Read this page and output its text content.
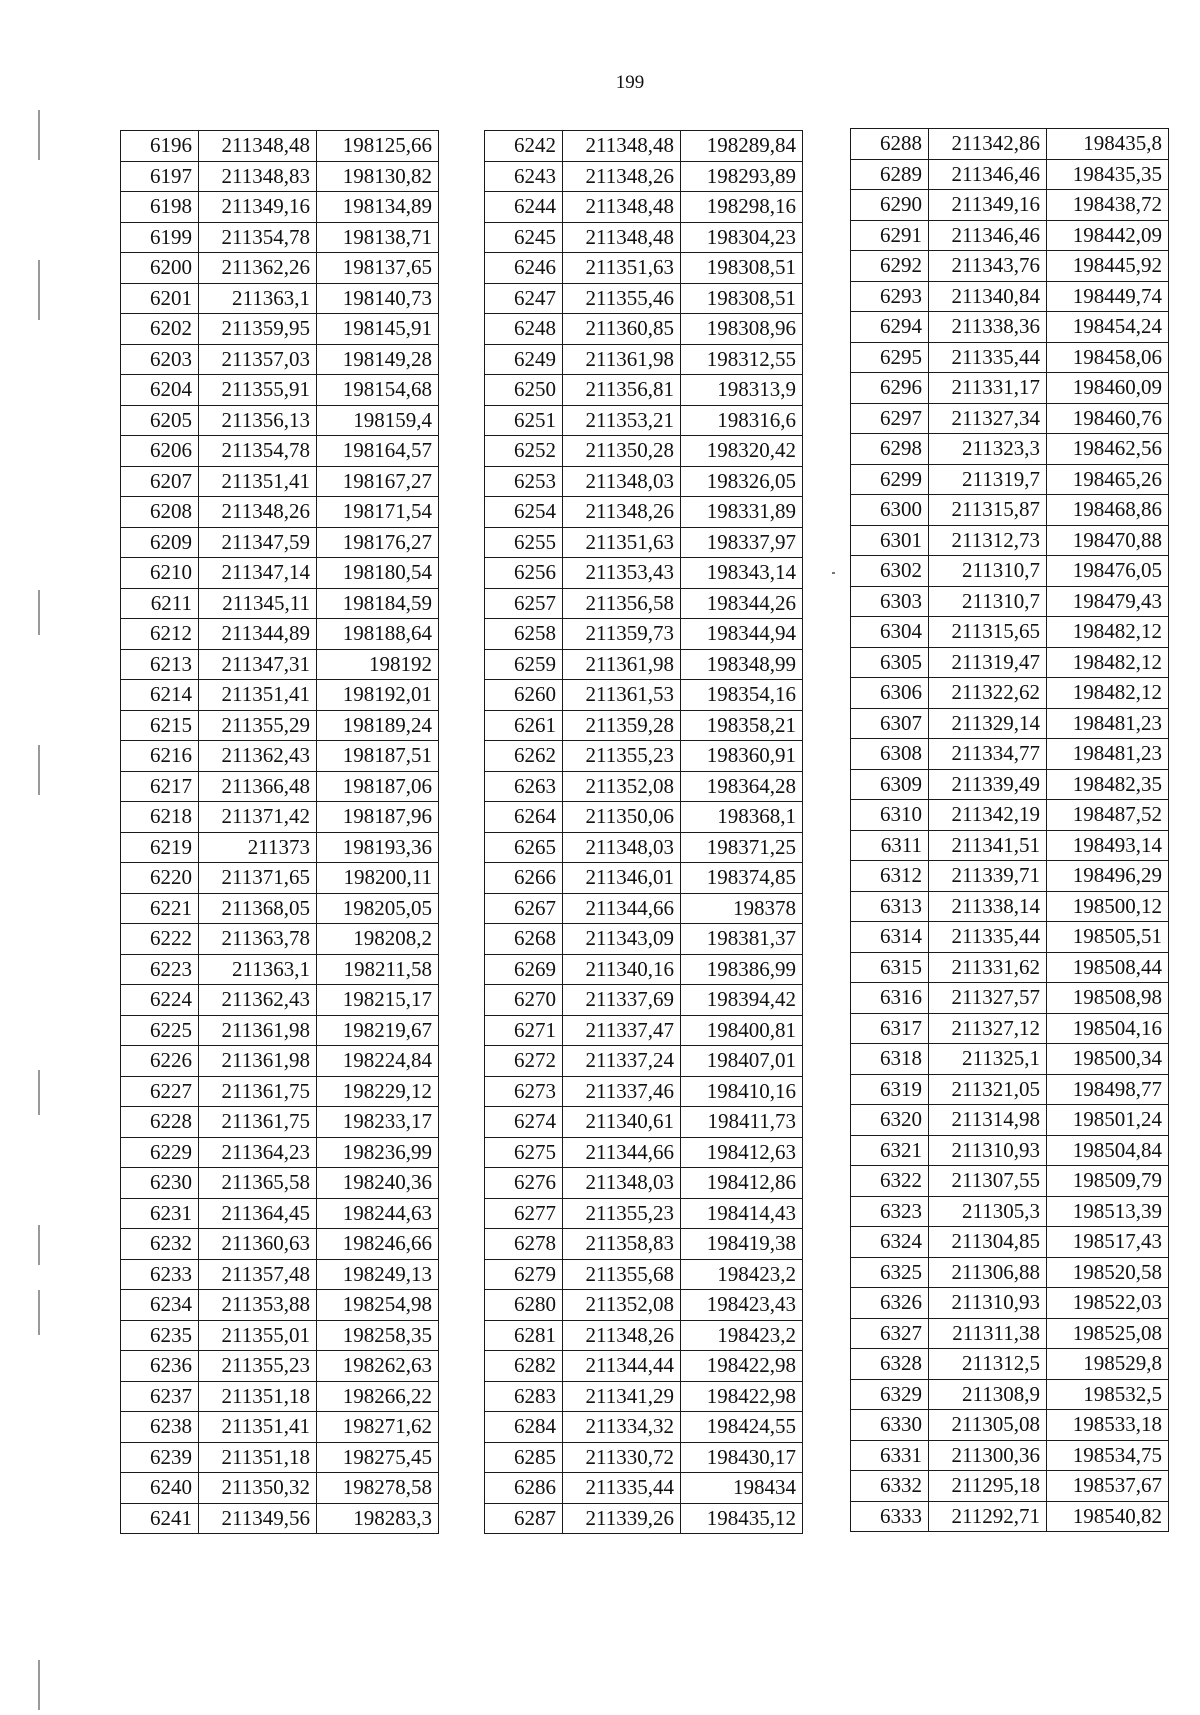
199
6196	211348,48	198125,66
6197	211348,83	198130,82
6198	211349,16	198134,89
6199	211354,78	198138,71
6200	211362,26	198137,65
6201	211363,1	198140,73
6202	211359,95	198145,91
6203	211357,03	198149,28
6204	211355,91	198154,68
6205	211356,13	198159,4
6206	211354,78	198164,57
6207	211351,41	198167,27
6208	211348,26	198171,54
6209	211347,59	198176,27
6210	211347,14	198180,54
6211	211345,11	198184,59
6212	211344,89	198188,64
6213	211347,31	198192
6214	211351,41	198192,01
6215	211355,29	198189,24
6216	211362,43	198187,51
6217	211366,48	198187,06
6218	211371,42	198187,96
6219	211373	198193,36
6220	211371,65	198200,11
6221	211368,05	198205,05
6222	211363,78	198208,2
6223	211363,1	198211,58
6224	211362,43	198215,17
6225	211361,98	198219,67
6226	211361,98	198224,84
6227	211361,75	198229,12
6228	211361,75	198233,17
6229	211364,23	198236,99
6230	211365,58	198240,36
6231	211364,45	198244,63
6232	211360,63	198246,66
6233	211357,48	198249,13
6234	211353,88	198254,98
6235	211355,01	198258,35
6236	211355,23	198262,63
6237	211351,18	198266,22
6238	211351,41	198271,62
6239	211351,18	198275,45
6240	211350,32	198278,58
6241	211349,56	198283,3
6242	211348,48	198289,84
6243	211348,26	198293,89
6244	211348,48	198298,16
6245	211348,48	198304,23
6246	211351,63	198308,51
6247	211355,46	198308,51
6248	211360,85	198308,96
6249	211361,98	198312,55
6250	211356,81	198313,9
6251	211353,21	198316,6
6252	211350,28	198320,42
6253	211348,03	198326,05
6254	211348,26	198331,89
6255	211351,63	198337,97
6256	211353,43	198343,14
6257	211356,58	198344,26
6258	211359,73	198344,94
6259	211361,98	198348,99
6260	211361,53	198354,16
6261	211359,28	198358,21
6262	211355,23	198360,91
6263	211352,08	198364,28
6264	211350,06	198368,1
6265	211348,03	198371,25
6266	211346,01	198374,85
6267	211344,66	198378
6268	211343,09	198381,37
6269	211340,16	198386,99
6270	211337,69	198394,42
6271	211337,47	198400,81
6272	211337,24	198407,01
6273	211337,46	198410,16
6274	211340,61	198411,73
6275	211344,66	198412,63
6276	211348,03	198412,86
6277	211355,23	198414,43
6278	211358,83	198419,38
6279	211355,68	198423,2
6280	211352,08	198423,43
6281	211348,26	198423,2
6282	211344,44	198422,98
6283	211341,29	198422,98
6284	211334,32	198424,55
6285	211330,72	198430,17
6286	211335,44	198434
6287	211339,26	198435,12
6288	211342,86	198435,8
6289	211346,46	198435,35
6290	211349,16	198438,72
6291	211346,46	198442,09
6292	211343,76	198445,92
6293	211340,84	198449,74
6294	211338,36	198454,24
6295	211335,44	198458,06
6296	211331,17	198460,09
6297	211327,34	198460,76
6298	211323,3	198462,56
6299	211319,7	198465,26
6300	211315,87	198468,86
6301	211312,73	198470,88
6302	211310,7	198476,05
6303	211310,7	198479,43
6304	211315,65	198482,12
6305	211319,47	198482,12
6306	211322,62	198482,12
6307	211329,14	198481,23
6308	211334,77	198481,23
6309	211339,49	198482,35
6310	211342,19	198487,52
6311	211341,51	198493,14
6312	211339,71	198496,29
6313	211338,14	198500,12
6314	211335,44	198505,51
6315	211331,62	198508,44
6316	211327,57	198508,98
6317	211327,12	198504,16
6318	211325,1	198500,34
6319	211321,05	198498,77
6320	211314,98	198501,24
6321	211310,93	198504,84
6322	211307,55	198509,79
6323	211305,3	198513,39
6324	211304,85	198517,43
6325	211306,88	198520,58
6326	211310,93	198522,03
6327	211311,38	198525,08
6328	211312,5	198529,8
6329	211308,9	198532,5
6330	211305,08	198533,18
6331	211300,36	198534,75
6332	211295,18	198537,67
6333	211292,71	198540,82
